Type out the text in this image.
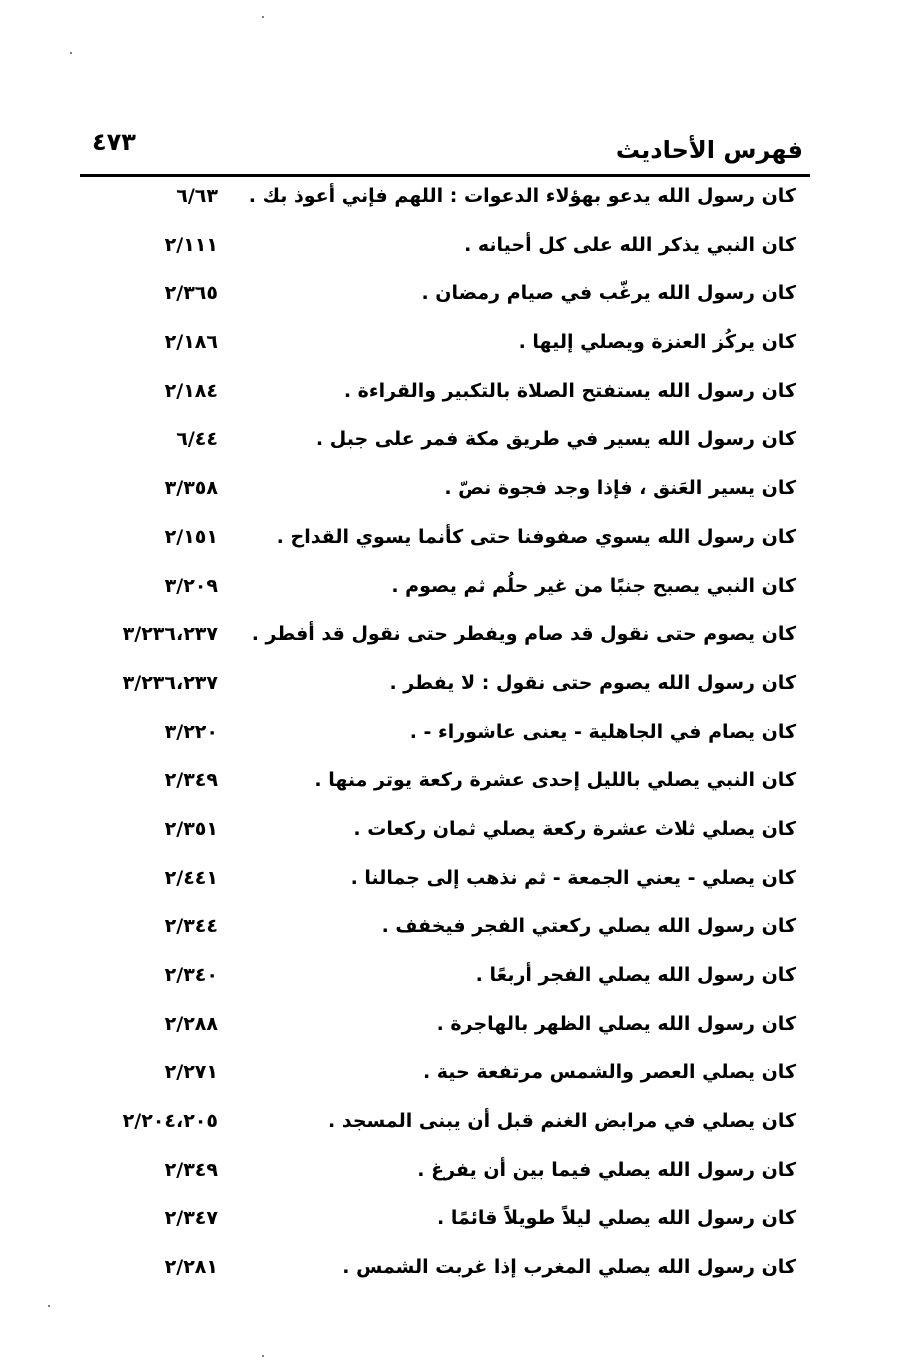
فهرس الأحاديث
٤٧٣
كان رسول الله يدعو بهؤلاء الدعوات : اللهم فإني أعوذ بك .
٦/٦٣
كان النبي يذكر الله على كل أحيانه .
٢/١١١
كان رسول الله يرغّب في صيام رمضان .
٢/٣٦٥
كان يركُز العنزة ويصلي إليها .
٢/١٨٦
كان رسول الله يستفتح الصلاة بالتكبير والقراءة .
٢/١٨٤
كان رسول الله يسير في طريق مكة فمر على جبل .
٦/٤٤
كان يسير العَنق ، فإذا وجد فجوة نصّ .
٣/٣٥٨
كان رسول الله يسوي صفوفنا حتى كأنما يسوي القداح .
٢/١٥١
كان النبي يصبح جنبًا من غير حلُم ثم يصوم .
٣/٢٠٩
كان يصوم حتى نقول قد صام ويفطر حتى نقول قد أفطر .
٣/٢٣٦،٢٣٧
كان رسول الله يصوم حتى نقول : لا يفطر .
٣/٢٣٦،٢٣٧
كان يصام في الجاهلية - يعنى عاشوراء - .
٣/٢٢٠
كان النبي يصلي بالليل إحدى عشرة ركعة يوتر منها .
٢/٣٤٩
كان يصلي ثلاث عشرة ركعة يصلي ثمان ركعات .
٢/٣٥١
كان يصلي - يعني الجمعة - ثم نذهب إلى جمالنا .
٢/٤٤١
كان رسول الله يصلي ركعتي الفجر فيخفف .
٢/٣٤٤
كان رسول الله يصلي الفجر أربعًا .
٢/٣٤٠
كان رسول الله يصلي الظهر بالهاجرة .
٢/٢٨٨
كان يصلي العصر والشمس مرتفعة حية .
٢/٢٧١
كان يصلي في مرابض الغنم قبل أن يبنى المسجد .
٢/٢٠٤،٢٠٥
كان رسول الله يصلي فيما بين أن يفرغ .
٢/٣٤٩
كان رسول الله يصلي ليلاً طويلاً قائمًا .
٢/٣٤٧
كان رسول الله يصلي المغرب إذا غربت الشمس .
٢/٢٨١
